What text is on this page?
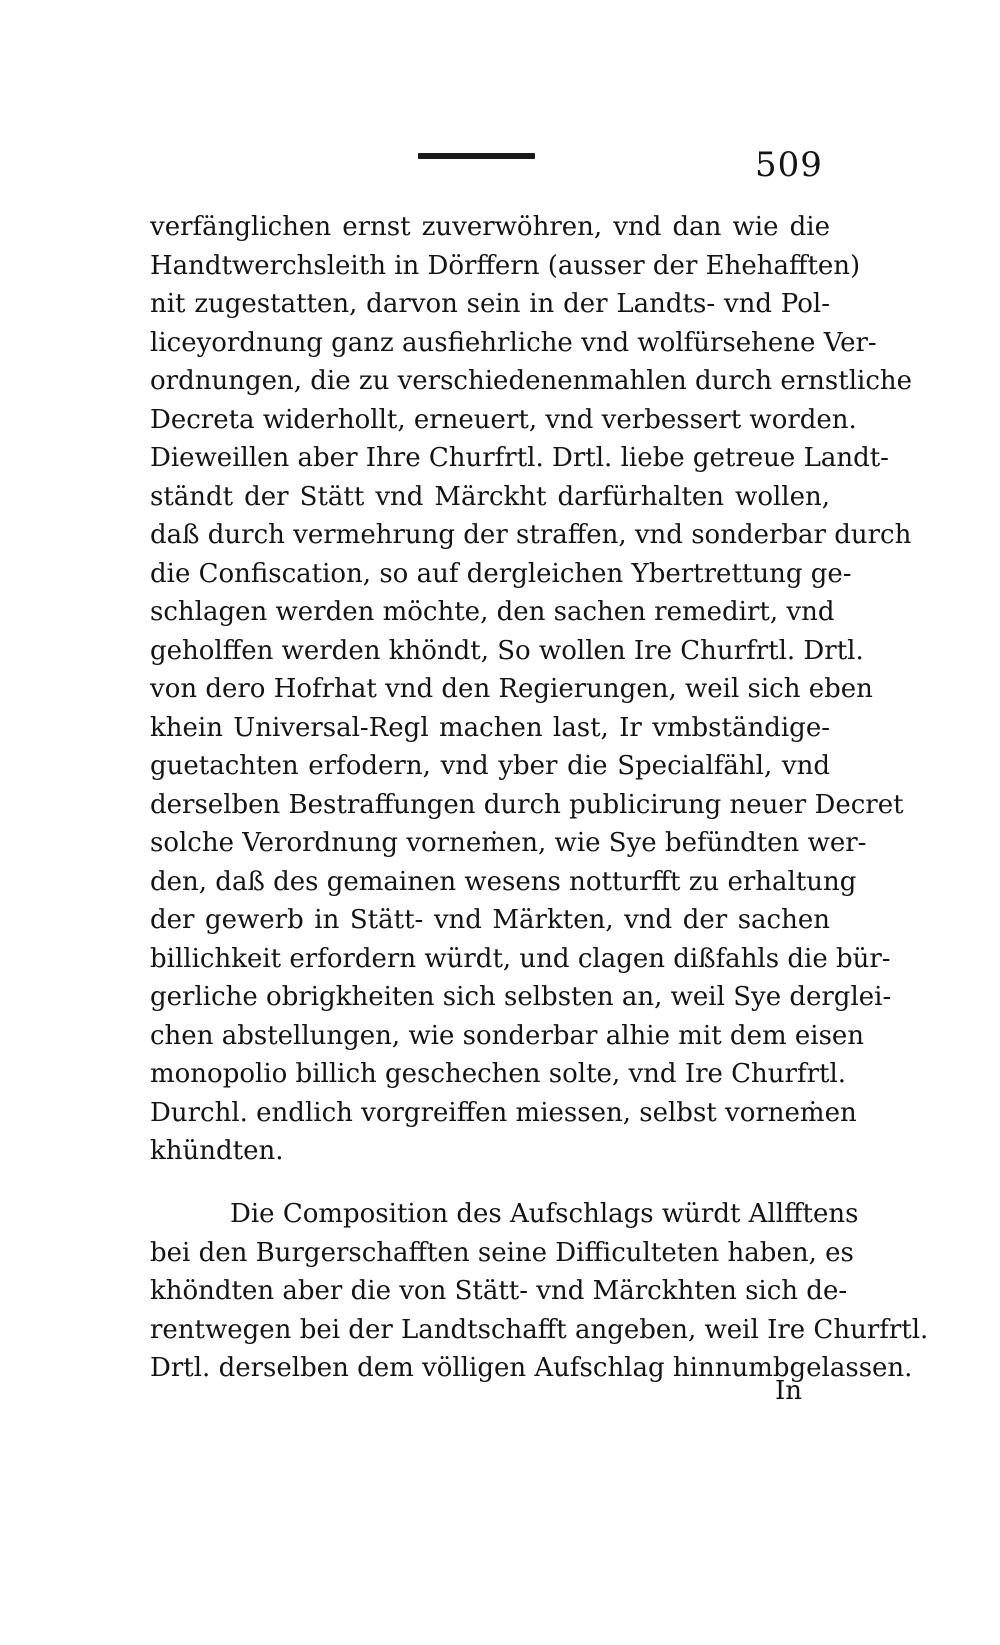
509
verfänglichen ernst zuverwöhren, vnd dan wie die
Handtwerchsleith in Dörffern (ausser der Ehehafften)
nit zugestatten, darvon sein in der Landts- vnd Pol-
liceyordnung ganz ausfiehrliche vnd wolfürsehene Ver-
ordnungen, die zu verschiedenenmahlen durch ernstliche
Decreta widerhollt, erneuert, vnd verbessert worden.
Dieweillen aber Ihre Churfrtl. Drtl. liebe getreue Landt-
ständt der Stätt vnd Märckht darfürhalten wollen,
daß durch vermehrung der straffen, vnd sonderbar durch
die Confiscation, so auf dergleichen Ybertrettung ge-
schlagen werden möchte, den sachen remedirt, vnd
geholffen werden khöndt, So wollen Ire Churfrtl. Drtl.
von dero Hofrhat vnd den Regierungen, weil sich eben
khein Universal-Regl machen last, Ir vmbständige-
guetachten erfodern, vnd yber die Specialfähl, vnd
derselben Bestraffungen durch publicirung neuer Decret
solche Verordnung vorneṁen, wie Sye befündten wer-
den, daß des gemainen wesens notturfft zu erhaltung
der gewerb in Stätt- vnd Märkten, vnd der sachen
billichkeit erfordern würdt, und clagen dißfahls die bür-
gerliche obrigkheiten sich selbsten an, weil Sye derglei-
chen abstellungen, wie sonderbar alhie mit dem eisen
monopolio billich geschechen solte, vnd Ire Churfrtl.
Durchl. endlich vorgreiffen miessen, selbst vorneṁen
khündten.
Die Composition des Aufschlags würdt Allfftens
bei den Burgerschafften seine Difficulteten haben, es
khöndten aber die von Stätt- vnd Märckhten sich de-
rentwegen bei der Landtschafft angeben, weil Ire Churfrtl.
Drtl. derselben dem völligen Aufschlag hinnumbgelassen.
In
